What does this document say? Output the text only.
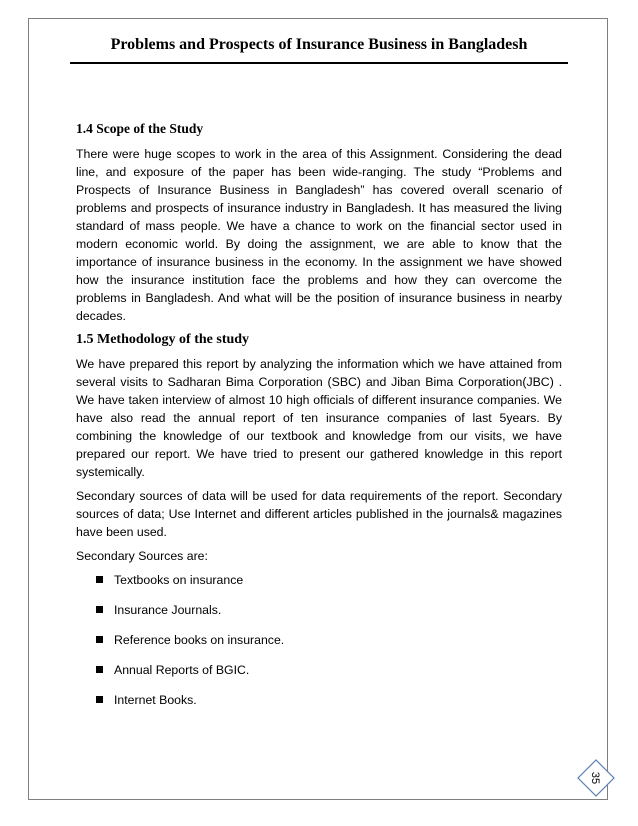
Problems and Prospects of Insurance Business in Bangladesh
1.4 Scope of the Study

There were huge scopes to work in the area of this Assignment. Considering the dead line, and exposure of the paper has been wide-ranging. The study “Problems and Prospects of Insurance Business in Bangladesh” has covered overall scenario of problems and prospects of insurance industry in Bangladesh. It has measured the living standard of mass people. We have a chance to work on the financial sector used in modern economic world. By doing the assignment, we are able to know that the importance of insurance business in the economy. In the assignment we have showed how the insurance institution face the problems and how they can overcome the problems in Bangladesh. And what will be the position of insurance business in nearby decades.

1.5 Methodology of the study

We have prepared this report by analyzing the information which we have attained from several visits to Sadharan Bima Corporation (SBC) and Jiban Bima Corporation(JBC) . We have taken interview of almost 10 high officials of different insurance companies. We have also read the annual report of ten insurance companies of last 5years. By combining the knowledge of our textbook and knowledge from our visits, we have prepared our report. We have tried to present our gathered knowledge in this report systemically.

Secondary sources of data will be used for data requirements of the report. Secondary sources of data; Use Internet and different articles published in the journals& magazines have been used.

Secondary Sources are:

Textbooks on insurance
Insurance Journals.
Reference books on insurance.
Annual Reports of BGIC.
Internet Books.
35
